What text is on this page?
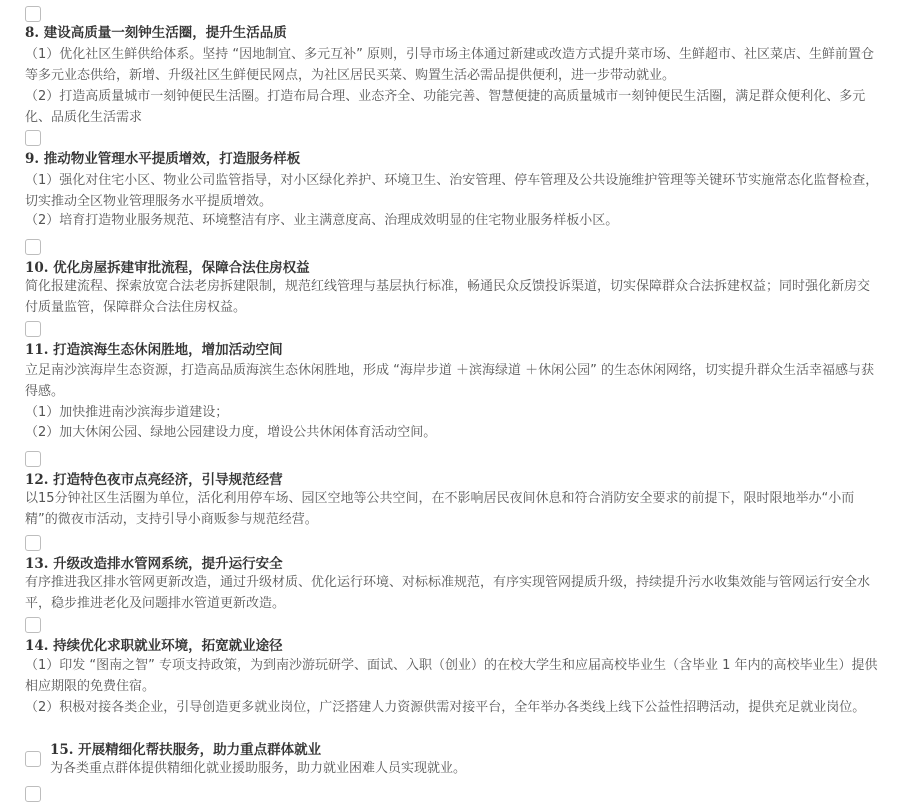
8. 建设高质量一刻钟生活圈，提升生活品质
（1）优化社区生鲜供给体系。坚持 “因地制宜、多元互补” 原则，引导市场主体通过新建或改造方式提升菜市场、生鲜超市、社区菜店、生鲜前置仓等多元业态供给，新增、升级社区生鲜便民网点，为社区居民买菜、购置生活必需品提供便利，进一步带动就业。
（2）打造高质量城市一刻钟便民生活圈。打造布局合理、业态齐全、功能完善、智慧便捷的高质量城市一刻钟便民生活圈，满足群众便利化、多元化、品质化生活需求
9. 推动物业管理水平提质增效，打造服务样板
（1）强化对住宅小区、物业公司监管指导，对小区绿化养护、环境卫生、治安管理、停车管理及公共设施维护管理等关键环节实施常态化监督检查，切实推动全区物业管理服务水平提质增效。
（2）培育打造物业服务规范、环境整洁有序、业主满意度高、治理成效明显的住宅物业服务样板小区。
10. 优化房屋拆建审批流程，保障合法住房权益
简化报建流程、探索放宽合法老房拆建限制，规范红线管理与基层执行标准，畅通民众反馈投诉渠道，切实保障群众合法拆建权益；同时强化新房交付质量监管，保障群众合法住房权益。
11. 打造滨海生态休闲胜地，增加活动空间
立足南沙滨海岸生态资源，打造高品质海滨生态休闲胜地，形成 “海岸步道 ＋滨海绿道 ＋休闲公园” 的生态休闲网络，切实提升群众生活幸福感与获得感。
（1）加快推进南沙滨海步道建设；
（2）加大休闲公园、绿地公园建设力度，增设公共休闲体育活动空间。
12. 打造特色夜市点亮经济，引导规范经营
以15分钟社区生活圈为单位，活化利用停车场、园区空地等公共空间，在不影响居民夜间休息和符合消防安全要求的前提下，限时限地举办“小而精”的微夜市活动，支持引导小商贩参与规范经营。
13. 升级改造排水管网系统，提升运行安全
有序推进我区排水管网更新改造，通过升级材质、优化运行环境、对标标准规范，有序实现管网提质升级，持续提升污水收集效能与管网运行安全水平，稳步推进老化及问题排水管道更新改造。
14. 持续优化求职就业环境，拓宽就业途径
（1）印发 “图南之智” 专项支持政策，为到南沙游玩研学、面试、入职（创业）的在校大学生和应届高校毕业生（含毕业 1 年内的高校毕业生）提供相应期限的免费住宿。
（2）积极对接各类企业，引导创造更多就业岗位，广泛搭建人力资源供需对接平台，全年举办各类线上线下公益性招聘活动，提供充足就业岗位。
15. 开展精细化帮扶服务，助力重点群体就业
为各类重点群体提供精细化就业援助服务，助力就业困难人员实现就业。
